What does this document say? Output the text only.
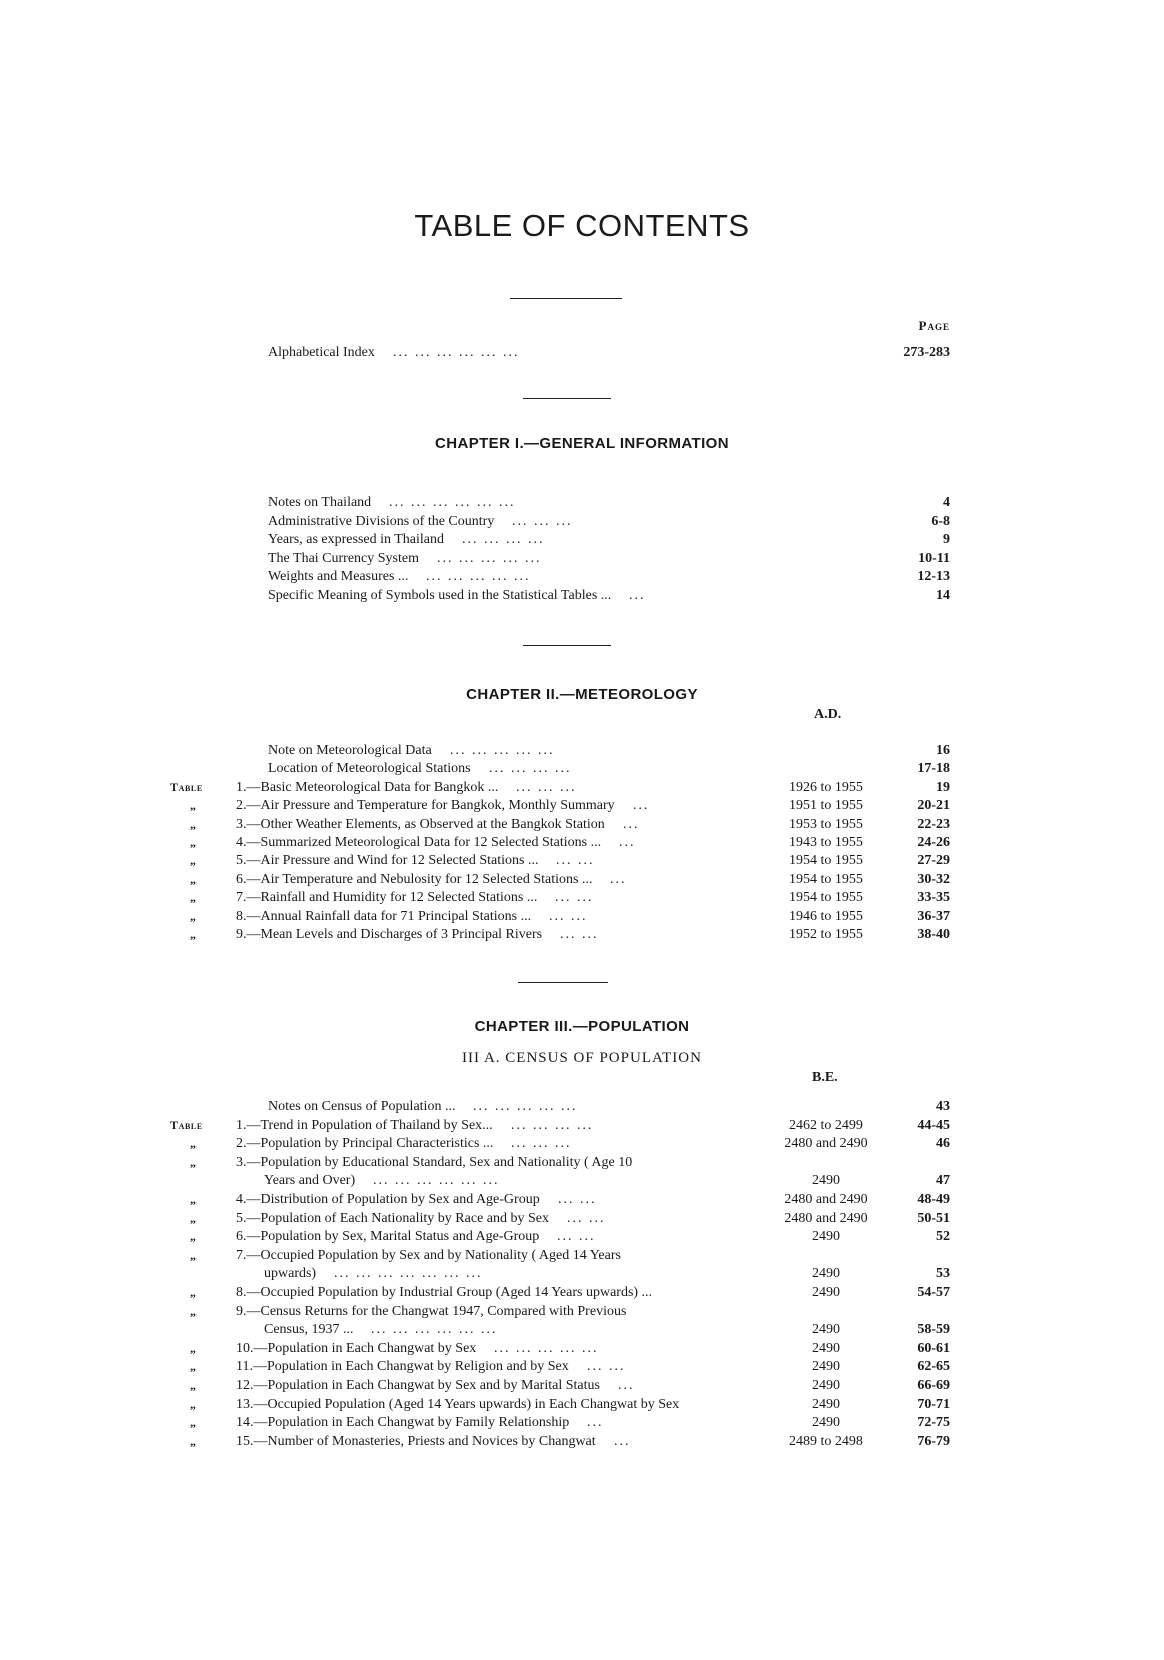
TABLE OF CONTENTS
Page
Alphabetical Index ... ... ... ... ... ...	273-283
CHAPTER I.—GENERAL INFORMATION
Notes on Thailand ... ... ... ... ... ...	4
Administrative Divisions of the Country ... ... ...	6-8
Years, as expressed in Thailand ... ... ... ...	9
The Thai Currency System ... ... ... ... ...	10-11
Weights and Measures ... ... ... ... ... ...	12-13
Specific Meaning of Symbols used in the Statistical Tables ... ...	14
CHAPTER II.—METEOROLOGY
A.D.
Note on Meteorological Data ... ... ... ... ...	16
Location of Meteorological Stations ... ... ... ...	17-18
Table 1.—Basic Meteorological Data for Bangkok ... ... ... ...	1926 to 1955	19
„	2.—Air Pressure and Temperature for Bangkok, Monthly Summary ...	1951 to 1955	20-21
„	3.—Other Weather Elements, as Observed at the Bangkok Station ...	1953 to 1955	22-23
„	4.—Summarized Meteorological Data for 12 Selected Stations ... ...	1943 to 1955	24-26
„	5.—Air Pressure and Wind for 12 Selected Stations ... ... ...	1954 to 1955	27-29
„	6.—Air Temperature and Nebulosity for 12 Selected Stations ... ...	1954 to 1955	30-32
„	7.—Rainfall and Humidity for 12 Selected Stations ... ... ...	1954 to 1955	33-35
„	8.—Annual Rainfall data for 71 Principal Stations ... ... ...	1946 to 1955	36-37
„	9.—Mean Levels and Discharges of 3 Principal Rivers ... ...	1952 to 1955	38-40
CHAPTER III.—POPULATION
III A. CENSUS OF POPULATION
B.E.
Notes on Census of Population ... ... ... ... ... ...	43
Table 1.—Trend in Population of Thailand by Sex... ... ... ... ...	2462 to 2499	44-45
„	2.—Population by Principal Characteristics ... ... ... ...	2480 and 2490	46
„	3.—Population by Educational Standard, Sex and Nationality ( Age 10
Years and Over) ... ... ... ... ... ...	2490	47
„	4.—Distribution of Population by Sex and Age-Group ... ...	2480 and 2490	48-49
„	5.—Population of Each Nationality by Race and by Sex ... ...	2480 and 2490	50-51
„	6.—Population by Sex, Marital Status and Age-Group ... ...	2490	52
„	7.—Occupied Population by Sex and by Nationality ( Aged 14 Years
upwards) ... ... ... ... ... ... ...	2490	53
„	8.—Occupied Population by Industrial Group (Aged 14 Years upwards) ...	2490	54-57
„	9.—Census Returns for the Changwat 1947, Compared with Previous
Census, 1937 ... ... ... ... ... ... ...	2490	58-59
„	10.—Population in Each Changwat by Sex ... ... ... ... ...	2490	60-61
„	11.—Population in Each Changwat by Religion and by Sex ... ...	2490	62-65
„	12.—Population in Each Changwat by Sex and by Marital Status ...	2490	66-69
„	13.—Occupied Population (Aged 14 Years upwards) in Each Changwat by Sex	2490	70-71
„	14.—Population in Each Changwat by Family Relationship ...	2490	72-75
„	15.—Number of Monasteries, Priests and Novices by Changwat ...	2489 to 2498	76-79
